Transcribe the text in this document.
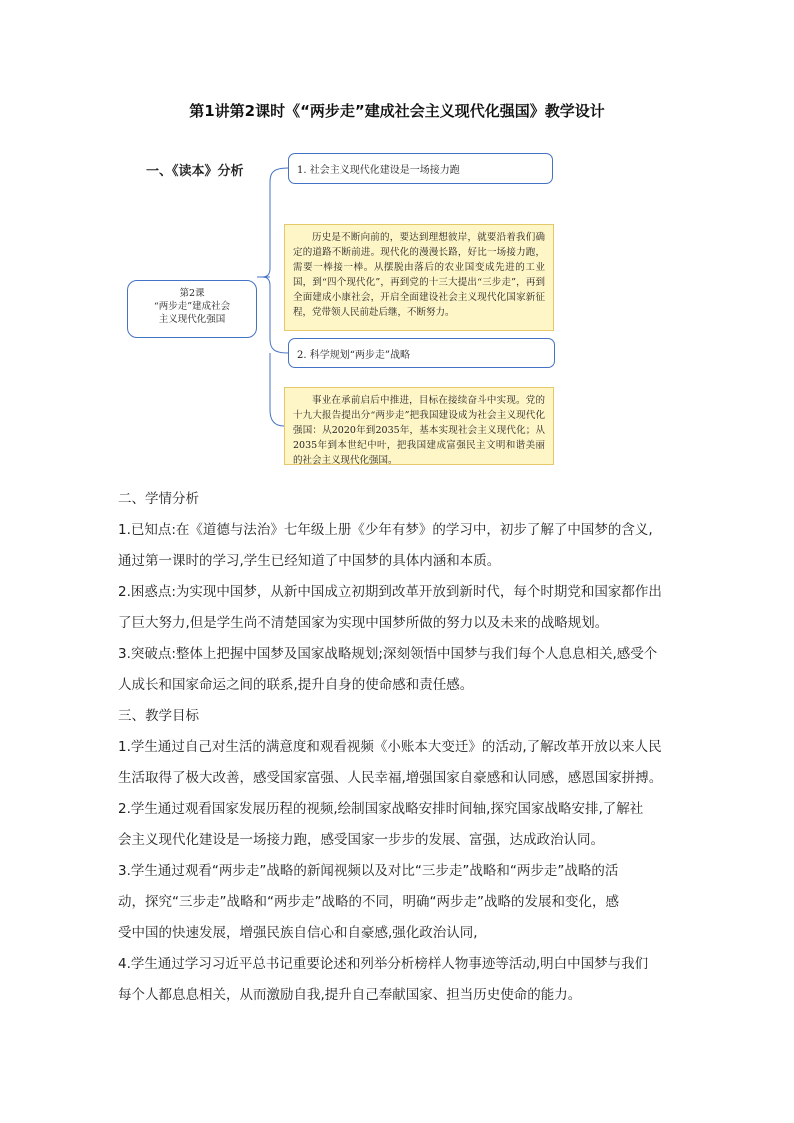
第1讲第2课时《“两步走”建成社会主义现代化强国》教学设计
一、《读本》分析	1. 社会主义现代化建设是一场接力跑
历史是不断向前的，要达到理想彼岸，就要沿着我们确定的道路不断前进。现代化的漫漫长路，好比一场接力跑，需要一棒接一棒。从摆脱由落后的农业国变成先进的工业国，到“四个现代化”，再到党的十三大提出“三步走”，再到全面建成小康社会，开启全面建设社会主义现代化国家新征程，党带领人民前赴后继，不断努力。
第2课
“两步走”建成社会
主义现代化强国
2. 科学规划“两步走”战略
事业在承前启后中推进，目标在接续奋斗中实现。党的十九大报告提出分“两步走”把我国建设成为社会主义现代化强国：从2020年到2035年，基本实现社会主义现代化；从2035年到本世纪中叶，把我国建成富强民主文明和谐美丽的社会主义现代化强国。

二、学情分析

1.已知点:在《道德与法治》七年级上册《少年有梦》的学习中，初步了解了中国梦的含义,

通过第一课时的学习,学生已经知道了中国梦的具体内涵和本质。

2.困惑点:为实现中国梦，从新中国成立初期到改革开放到新时代，每个时期党和国家都作出

了巨大努力,但是学生尚不清楚国家为实现中国梦所做的努力以及未来的战略规划。

3.突破点:整体上把握中国梦及国家战略规划;深刻领悟中国梦与我们每个人息息相关,感受个

人成长和国家命运之间的联系,提升自身的使命感和责任感。

三、教学目标

1.学生通过自己对生活的满意度和观看视频《小账本大变迁》的活动,了解改革开放以来人民

生活取得了极大改善，感受国家富强、人民幸福,增强国家自豪感和认同感，感恩国家拼搏。

2.学生通过观看国家发展历程的视频,绘制国家战略安排时间轴,探究国家战略安排,了解社

会主义现代化建设是一场接力跑，感受国家一步步的发展、富强，达成政治认同。

3.学生通过观看“两步走”战略的新闻视频以及对比“三步走”战略和“两步走”战略的活

动，探究“三步走”战略和“两步走”战略的不同，明确“两步走”战略的发展和变化，感

受中国的快速发展，增强民族自信心和自豪感,强化政治认同,

4.学生通过学习习近平总书记重要论述和列举分析榜样人物事迹等活动,明白中国梦与我们

每个人都息息相关，从而激励自我,提升自己奉献国家、担当历史使命的能力。
